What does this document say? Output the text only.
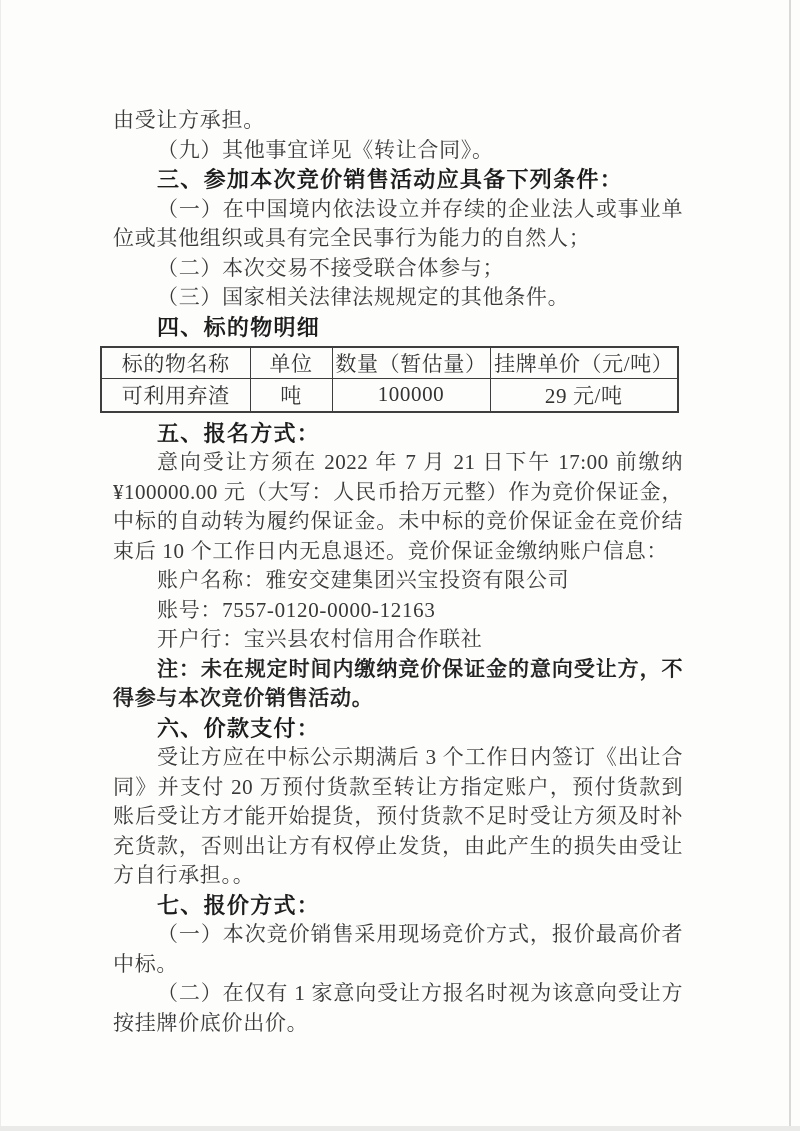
由受让方承担。
（九）其他事宜详见《转让合同》。
三、参加本次竞价销售活动应具备下列条件：
（一）在中国境内依法设立并存续的企业法人或事业单
位或其他组织或具有完全民事行为能力的自然人；
（二）本次交易不接受联合体参与；
（三）国家相关法律法规规定的其他条件。
四、标的物明细
标的物名称	单位	数量（暂估量）	挂牌单价（元/吨）
可利用弃渣	吨	100000	29 元/吨
五、报名方式：
意向受让方须在 2022 年 7 月 21 日下午 17:00 前缴纳
¥100000.00 元（大写：人民币拾万元整）作为竞价保证金，
中标的自动转为履约保证金。未中标的竞价保证金在竞价结
束后 10 个工作日内无息退还。竞价保证金缴纳账户信息：
账户名称：雅安交建集团兴宝投资有限公司
账号：7557-0120-0000-12163
开户行：宝兴县农村信用合作联社
注：未在规定时间内缴纳竞价保证金的意向受让方，不
得参与本次竞价销售活动。
六、价款支付：
受让方应在中标公示期满后 3 个工作日内签订《出让合
同》并支付 20 万预付货款至转让方指定账户，预付货款到
账后受让方才能开始提货，预付货款不足时受让方须及时补
充货款，否则出让方有权停止发货，由此产生的损失由受让
方自行承担。。
七、报价方式：
（一）本次竞价销售采用现场竞价方式，报价最高价者
中标。
（二）在仅有 1 家意向受让方报名时视为该意向受让方
按挂牌价底价出价。
